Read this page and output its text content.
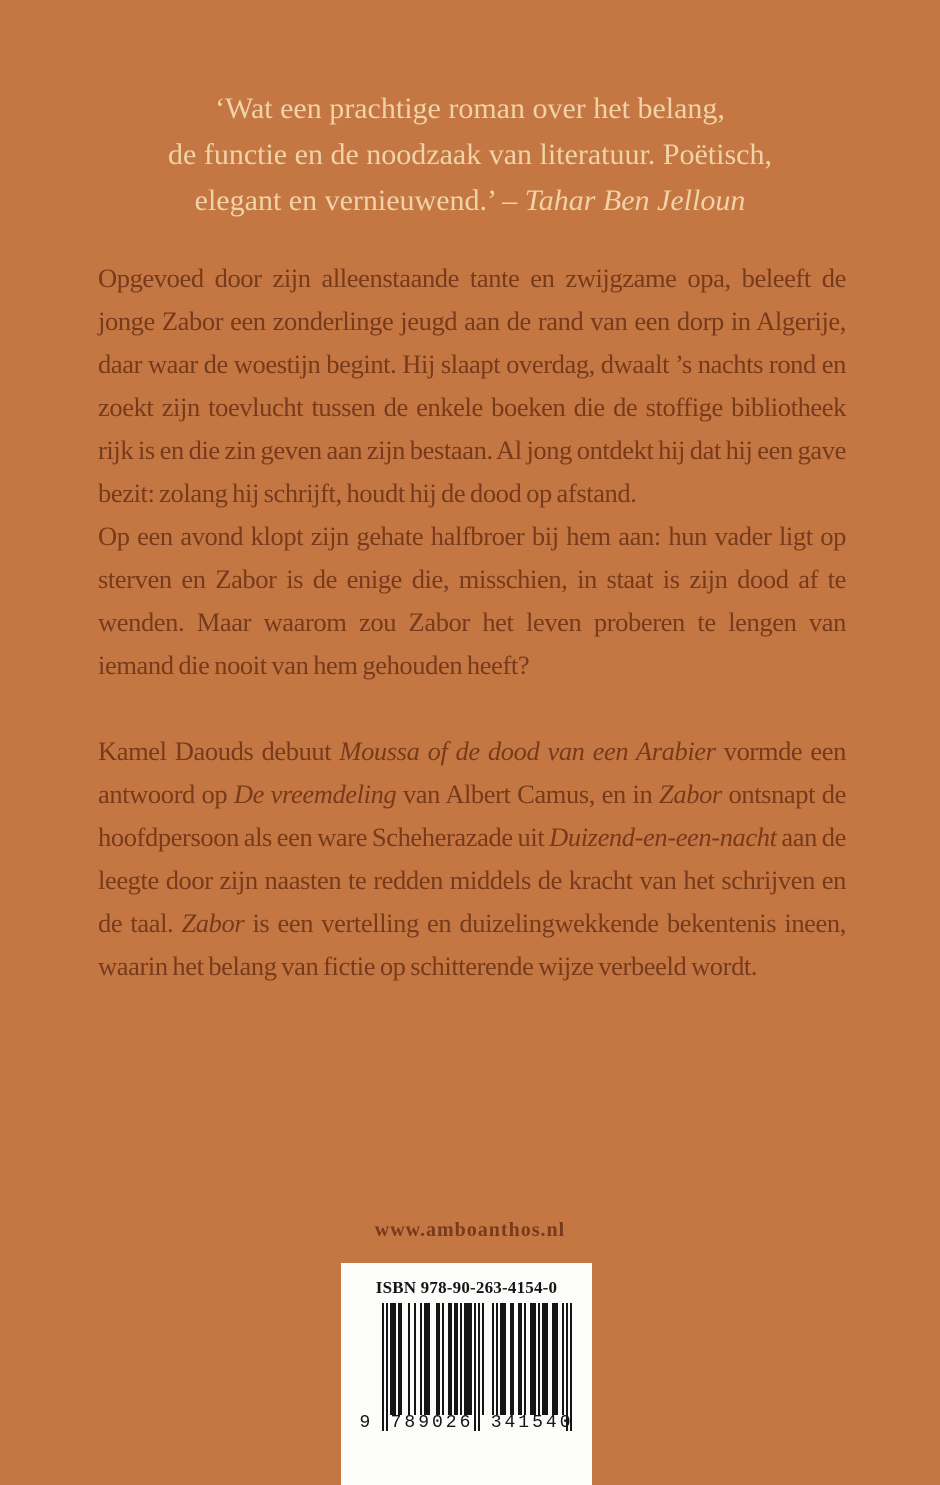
‘Wat een prachtige roman over het belang,
de functie en de noodzaak van literatuur. Poëtisch,
elegant en vernieuwend.’ – Tahar Ben Jelloun

Opgevoed door zijn alleenstaande tante en zwijgzame opa, beleeft de jonge Zabor een zonderlinge jeugd aan de rand van een dorp in Algerije, daar waar de woestijn begint. Hij slaapt overdag, dwaalt ’s nachts rond en zoekt zijn toevlucht tussen de enkele boeken die de stoffige bibliotheek rijk is en die zin geven aan zijn bestaan. Al jong ontdekt hij dat hij een gave bezit: zolang hij schrijft, houdt hij de dood op afstand.

Op een avond klopt zijn gehate halfbroer bij hem aan: hun vader ligt op sterven en Zabor is de enige die, misschien, in staat is zijn dood af te wenden. Maar waarom zou Zabor het leven proberen te lengen van iemand die nooit van hem gehouden heeft?

Kamel Daouds debuut Moussa of de dood van een Arabier vormde een antwoord op De vreemdeling van Albert Camus, en in Zabor ontsnapt de hoofdpersoon als een ware Scheherazade uit Duizend-en-een-nacht aan de leegte door zijn naasten te redden middels de kracht van het schrijven en de taal. Zabor is een vertelling en duizelingwekkende bekentenis ineen, waarin het belang van fictie op schitterende wijze verbeeld wordt.

www.amboanthos.nl
ISBN 978-90-263-4154-0
9 789026 341540
